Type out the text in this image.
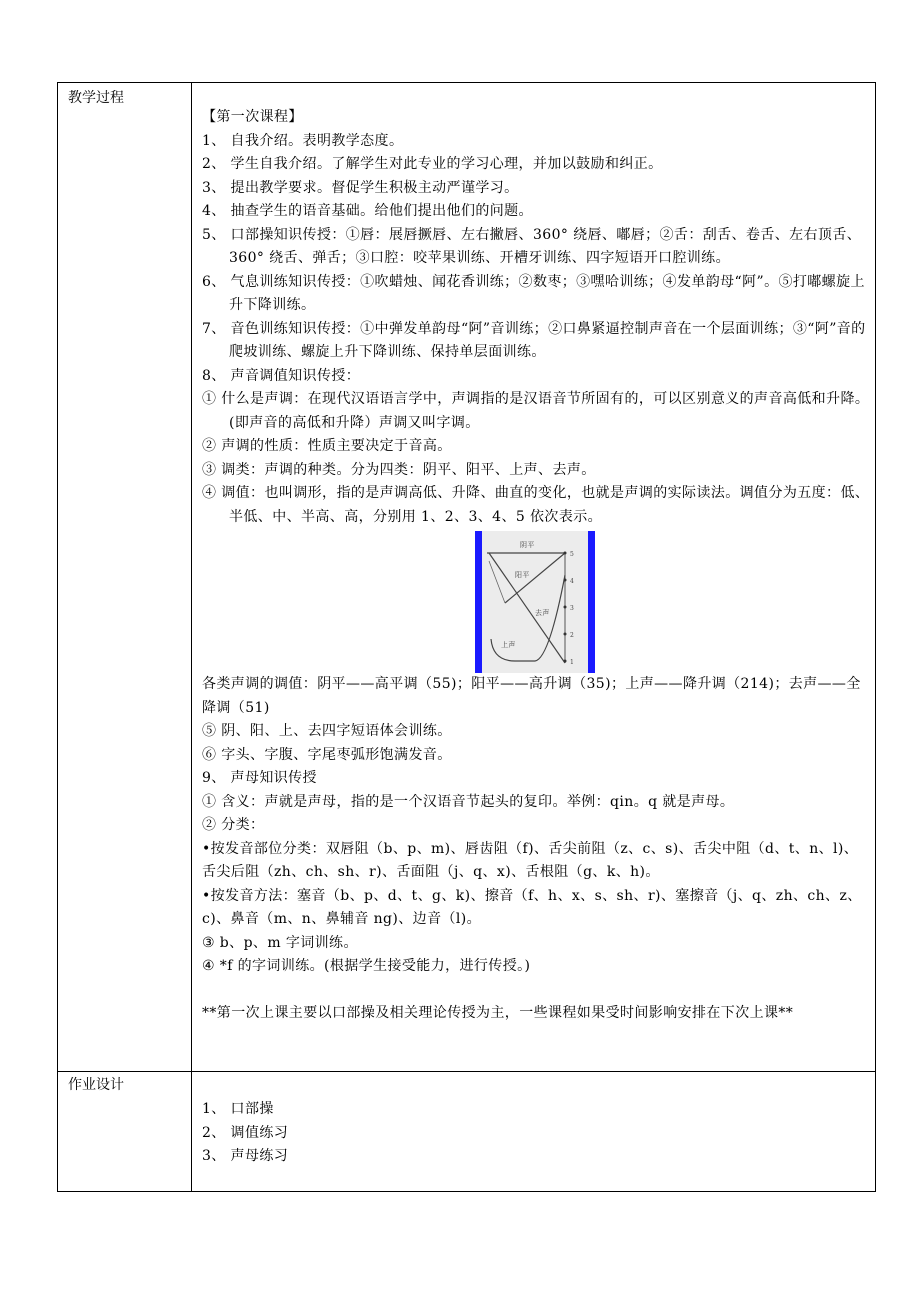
教学过程

【第一次课程】

1、 自我介绍。表明教学态度。

2、 学生自我介绍。了解学生对此专业的学习心理，并加以鼓励和纠正。

3、 提出教学要求。督促学生积极主动严谨学习。

4、 抽查学生的语音基础。给他们提出他们的问题。

5、 口部操知识传授：①唇：展唇撅唇、左右撇唇、360° 绕唇、嘟唇；②舌：刮舌、卷舌、左右顶舌、360° 绕舌、弹舌；③口腔：咬苹果训练、开槽牙训练、四字短语开口腔训练。

6、 气息训练知识传授：①吹蜡烛、闻花香训练；②数枣；③嘿哈训练；④发单韵母“阿”。⑤打嘟螺旋上升下降训练。

7、 音色训练知识传授：①中弹发单韵母“阿”音训练；②口鼻紧逼控制声音在一个层面训练；③“阿”音的爬坡训练、螺旋上升下降训练、保持单层面训练。

8、 声音调值知识传授：

① 什么是声调：在现代汉语语言学中，声调指的是汉语音节所固有的，可以区别意义的声音高低和升降。(即声音的高低和升降）声调又叫字调。

② 声调的性质：性质主要决定于音高。

③ 调类：声调的种类。分为四类：阴平、阳平、上声、去声。

④ 调值：也叫调形，指的是声调高低、升降、曲直的变化，也就是声调的实际读法。调值分为五度：低、半低、中、半高、高，分别用 1、2、3、4、5 依次表示。

阴平
阳平
去声
上声
5
4
3
2
1

各类声调的调值：阴平——高平调（55)；阳平——高升调（35)；上声——降升调（214)；去声——全降调（51)

⑤ 阴、阳、上、去四字短语体会训练。

⑥ 字头、字腹、字尾枣弧形饱满发音。

9、 声母知识传授

① 含义：声就是声母，指的是一个汉语音节起头的复印。举例：qin。q 就是声母。

② 分类：

•按发音部位分类：双唇阻（b、p、m)、唇齿阻（f)、舌尖前阻（z、c、s)、舌尖中阻（d、t、n、l)、舌尖后阻（zh、ch、sh、r)、舌面阻（j、q、x)、舌根阻（g、k、h)。

•按发音方法：塞音（b、p、d、t、g、k)、擦音（f、h、x、s、sh、r)、塞擦音（j、q、zh、ch、z、c)、鼻音（m、n、鼻辅音 ng)、边音（l)。

③ b、p、m 字词训练。

④ *f 的字词训练。(根据学生接受能力，进行传授。)

**第一次上课主要以口部操及相关理论传授为主，一些课程如果受时间影响安排在下次上课**

作业设计

1、 口部操

2、 调值练习

3、 声母练习
